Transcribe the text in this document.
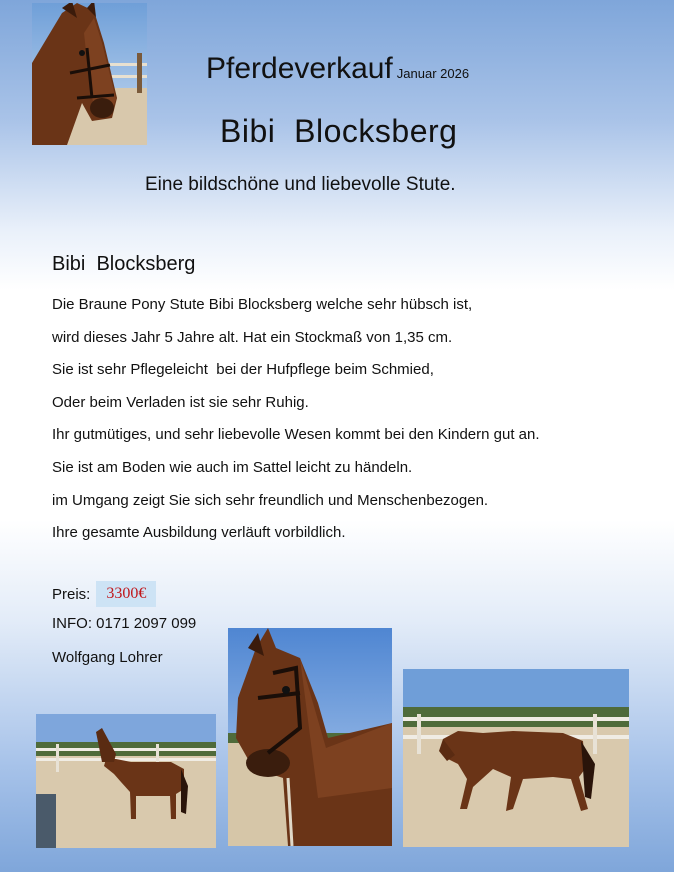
Pferdeverkauf Januar 2026
Bibi  Blocksberg
Eine bildschöne und liebevolle Stute.
Bibi  Blocksberg
Die Braune Pony Stute Bibi Blocksberg welche sehr hübsch ist,
wird dieses Jahr 5 Jahre alt. Hat ein Stockmaß von 1,35 cm.
Sie ist sehr Pflegeleicht  bei der Hufpflege beim Schmied,
Oder beim Verladen ist sie sehr Ruhig.
Ihr gutmütiges, und sehr liebevolle Wesen kommt bei den Kindern gut an.
Sie ist am Boden wie auch im Sattel leicht zu händeln.
im Umgang zeigt Sie sich sehr freundlich und Menschenbezogen.
Ihre gesamte Ausbildung verläuft vorbildlich.
Preis:	3300€
INFO: 0171 2097 099
Wolfgang Lohrer
